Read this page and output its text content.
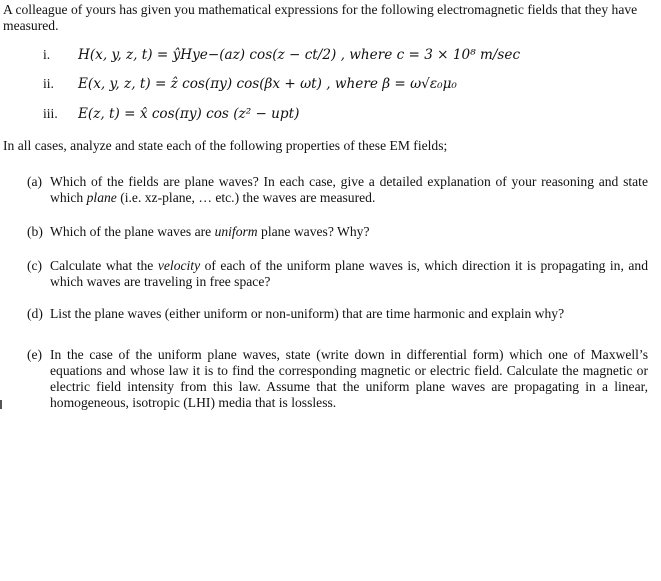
A colleague of yours has given you mathematical expressions for the following electromagnetic fields that they have measured.

i.	H(x, y, z, t) = ŷHye−(az) cos(z − ct/2) , where c = 3 × 10⁸ m/sec
ii.	E(x, y, z, t) = ẑ cos(πy) cos(βx + ωt) , where β = ω√ε₀μ₀
iii.	E(z, t) = x̂ cos(πy) cos (z² − upt)

In all cases, analyze and state each of the following properties of these EM fields;

(a) Which of the fields are plane waves? In each case, give a detailed explanation of your reasoning and state which plane (i.e. xz-plane, … etc.) the waves are measured.
(b) Which of the plane waves are uniform plane waves? Why?
(c) Calculate what the velocity of each of the uniform plane waves is, which direction it is propagating in, and which waves are traveling in free space?
(d) List the plane waves (either uniform or non-uniform) that are time harmonic and explain why?
(e) In the case of the uniform plane waves, state (write down in differential form) which one of Maxwell’s equations and whose law it is to find the corresponding magnetic or electric field. Calculate the magnetic or electric field intensity from this law. Assume that the uniform plane waves are propagating in a linear, homogeneous, isotropic (LHI) media that is lossless.
